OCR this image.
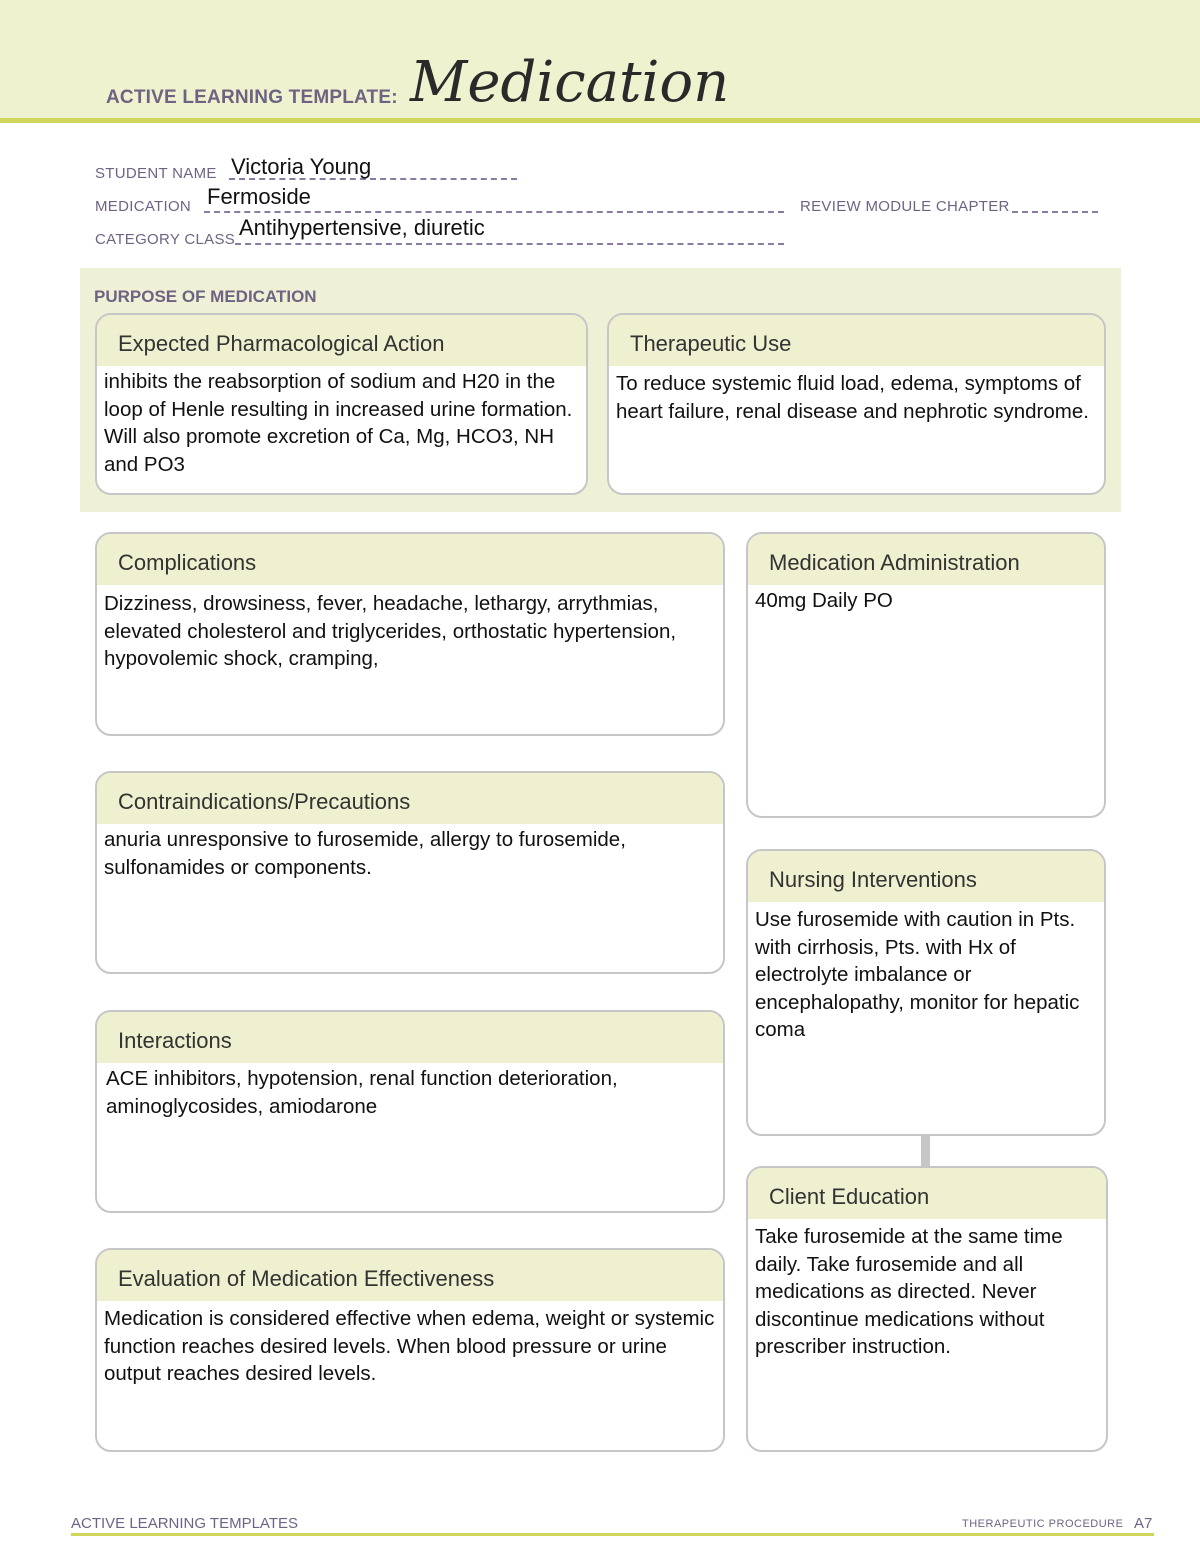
ACTIVE LEARNING TEMPLATE: Medication
STUDENT NAME Victoria Young
MEDICATION Fermoside	REVIEW MODULE CHAPTER
CATEGORY CLASS Antihypertensive, diuretic
PURPOSE OF MEDICATION
Expected Pharmacological Action
inhibits the reabsorption of sodium and H20 in the loop of Henle resulting in increased urine formation. Will also promote excretion of Ca, Mg, HCO3, NH and PO3
Therapeutic Use
To reduce systemic fluid load, edema, symptoms of heart failure, renal disease and nephrotic syndrome.
Complications
Dizziness, drowsiness, fever, headache, lethargy, arrythmias, elevated cholesterol and triglycerides, orthostatic hypertension, hypovolemic shock, cramping,
Medication Administration
40mg Daily PO
Contraindications/Precautions
anuria unresponsive to furosemide, allergy to furosemide, sulfonamides or components.	Nursing Interventions
Use furosemide with caution in Pts. with cirrhosis, Pts. with Hx of electrolyte imbalance or encephalopathy, monitor for hepatic coma
Interactions
ACE inhibitors, hypotension, renal function deterioration, aminoglycosides, amiodarone
Client Education
Take furosemide at the same time daily. Take furosemide and all medications as directed. Never discontinue medications without prescriber instruction.
Evaluation of Medication Effectiveness
Medication is considered effective when edema, weight or systemic function reaches desired levels. When blood pressure or urine output reaches desired levels.
ACTIVE LEARNING TEMPLATES	THERAPEUTIC PROCEDURE A7
